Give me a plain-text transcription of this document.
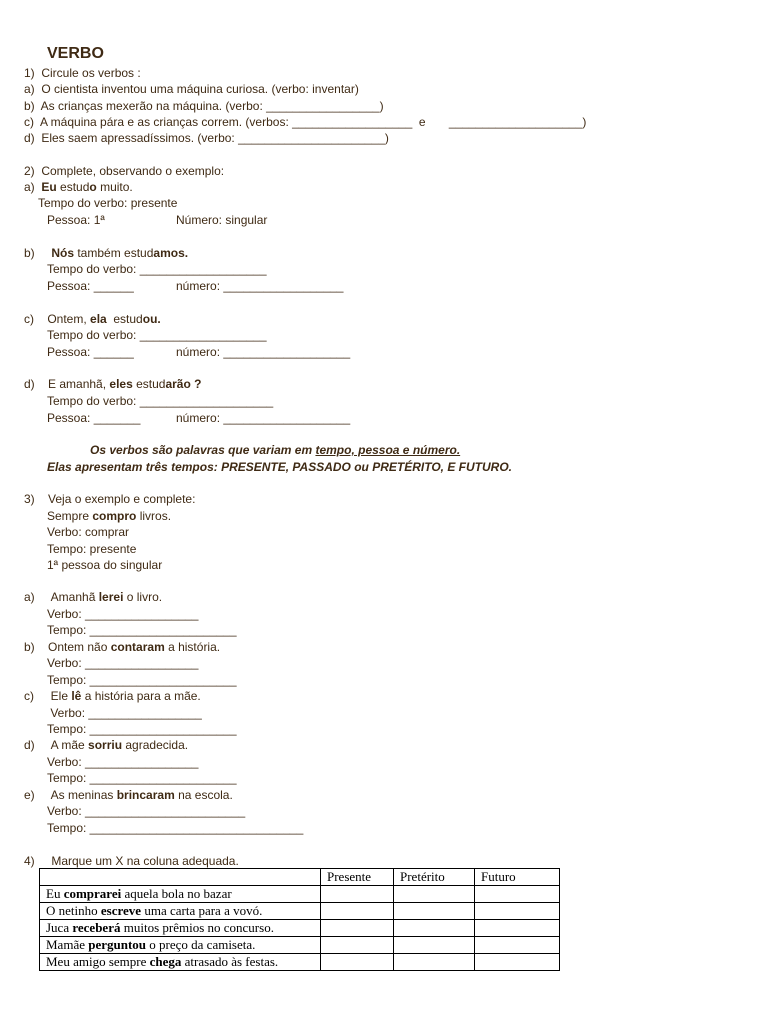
VERBO
1)  Circule os verbos :
a)  O cientista inventou uma máquina curiosa. (verbo: inventar)
b)  As crianças mexerão na máquina. (verbo: _________________)
c)  A máquina pára e as crianças correm. (verbos: __________________  e       ____________________)
d)  Eles saem apressadíssimos. (verbo: ______________________)
2)  Complete, observando o exemplo:
a)  Eu estudo muito.
Tempo do verbo: presente
Pessoa: 1ª	Número: singular
b)     Nós também estudamos.
Tempo do verbo: ___________________
Pessoa: ______	número: __________________
c)    Ontem, ela  estudou.
Tempo do verbo: ___________________
Pessoa: ______	número: ___________________
d)    E amanhã, eles estudarão ?
Tempo do verbo: ____________________
Pessoa: _______	número: ___________________
Os verbos são palavras que variam em tempo, pessoa e número.
Elas apresentam três tempos: PRESENTE, PASSADO ou PRETÉRITO, E FUTURO.
3)    Veja o exemplo e complete:
Sempre compro livros.
Verbo: comprar
Tempo: presente
1ª pessoa do singular
a)     Amanhã lerei o livro.
Verbo: _________________
Tempo: ______________________
b)    Ontem não contaram a história.
Verbo: _________________
Tempo: ______________________
c)     Ele lê a história para a mãe.
Verbo: _________________
Tempo: ______________________
d)     A mãe sorriu agradecida.
Verbo: _________________
Tempo: ______________________
e)     As meninas brincaram na escola.
Verbo: ________________________
Tempo: ________________________________
4)     Marque um X na coluna adequada.
	Presente	Pretérito	Futuro
Eu comprarei aquela bola no bazar			
O netinho escreve uma carta para a vovó.			
Juca receberá muitos prêmios no concurso.			
Mamãe perguntou o preço da camiseta.			
Meu amigo sempre chega atrasado às festas.			
